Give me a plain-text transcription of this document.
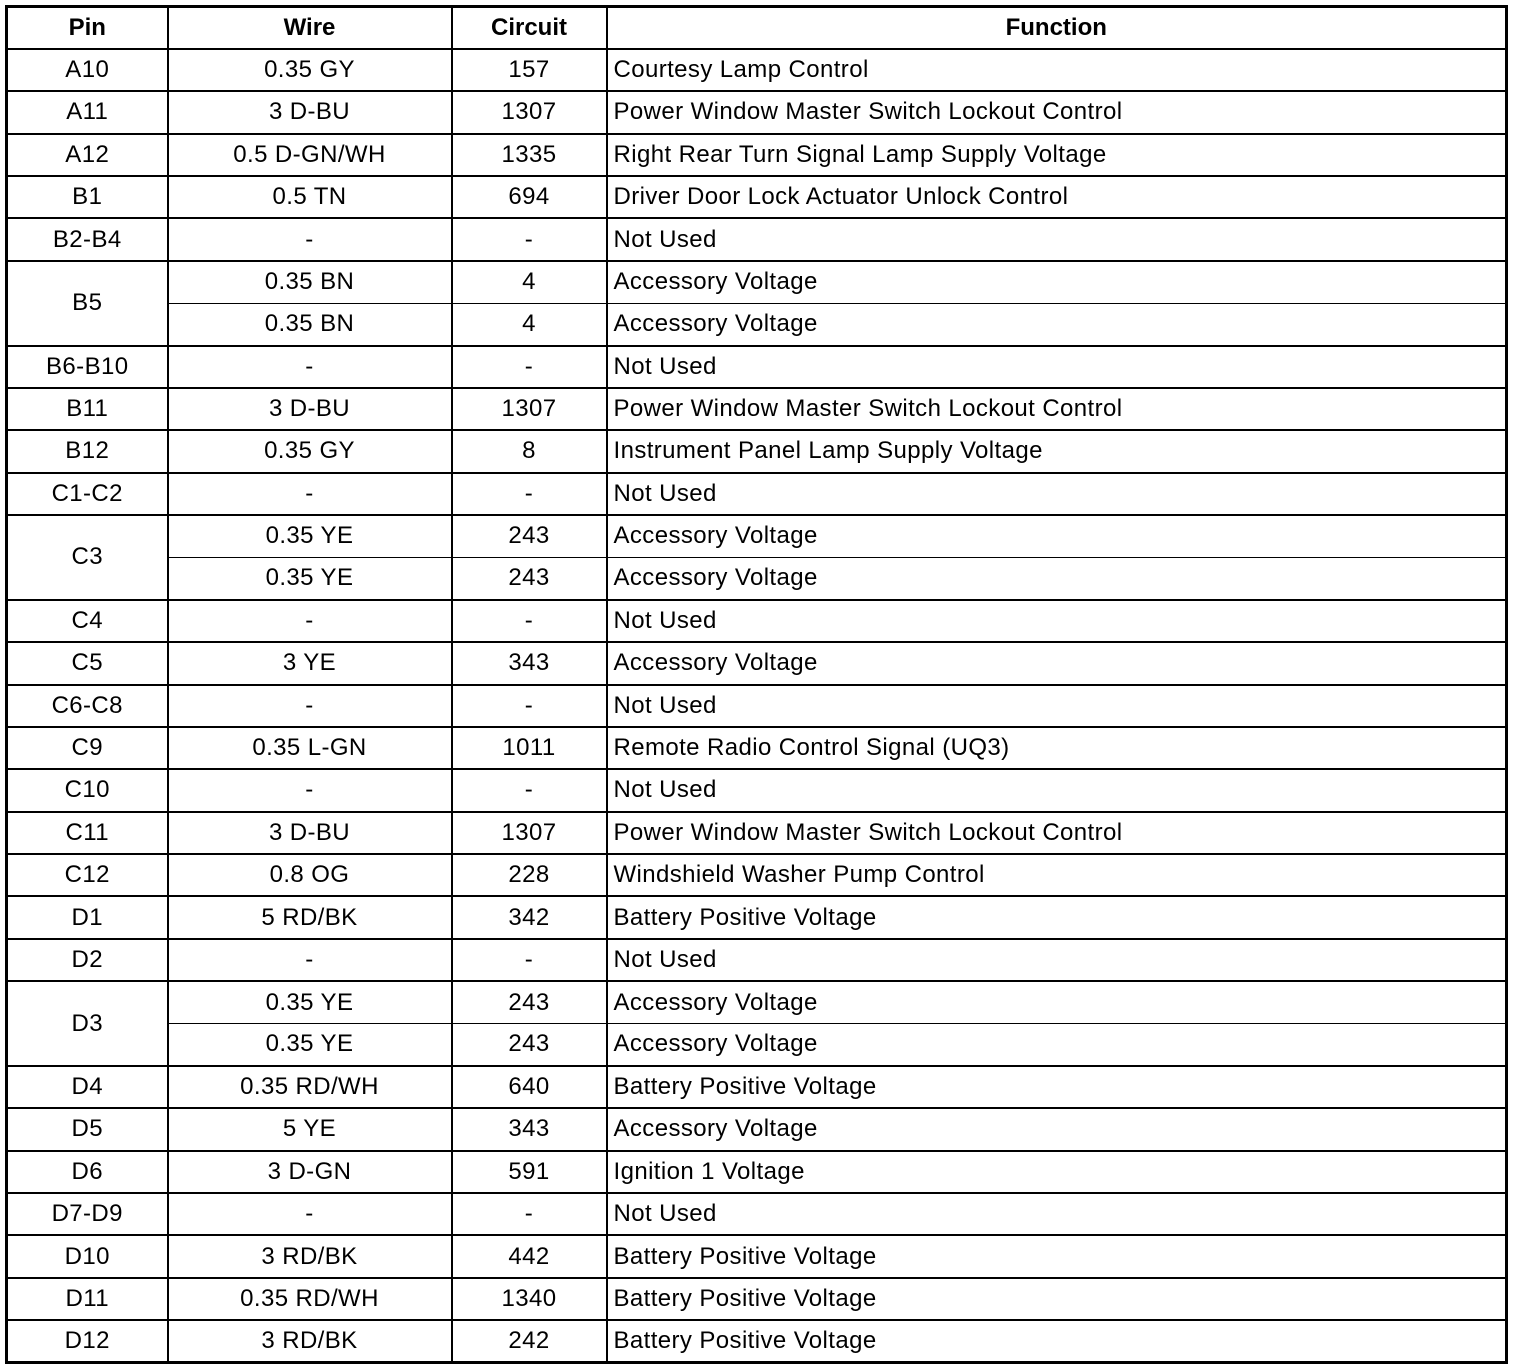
Pin	Wire	Circuit	Function
A10	0.35 GY	157	Courtesy Lamp Control
A11	3 D-BU	1307	Power Window Master Switch Lockout Control
A12	0.5 D-GN/WH	1335	Right Rear Turn Signal Lamp Supply Voltage
B1	0.5 TN	694	Driver Door Lock Actuator Unlock Control
B2-B4	-	-	Not Used
B5	0.35 BN	4	Accessory Voltage
	0.35 BN	4	Accessory Voltage
B6-B10	-	-	Not Used
B11	3 D-BU	1307	Power Window Master Switch Lockout Control
B12	0.35 GY	8	Instrument Panel Lamp Supply Voltage
C1-C2	-	-	Not Used
C3	0.35 YE	243	Accessory Voltage
	0.35 YE	243	Accessory Voltage
C4	-	-	Not Used
C5	3 YE	343	Accessory Voltage
C6-C8	-	-	Not Used
C9	0.35 L-GN	1011	Remote Radio Control Signal (UQ3)
C10	-	-	Not Used
C11	3 D-BU	1307	Power Window Master Switch Lockout Control
C12	0.8 OG	228	Windshield Washer Pump Control
D1	5 RD/BK	342	Battery Positive Voltage
D2	-	-	Not Used
D3	0.35 YE	243	Accessory Voltage
	0.35 YE	243	Accessory Voltage
D4	0.35 RD/WH	640	Battery Positive Voltage
D5	5 YE	343	Accessory Voltage
D6	3 D-GN	591	Ignition 1 Voltage
D7-D9	-	-	Not Used
D10	3 RD/BK	442	Battery Positive Voltage
D11	0.35 RD/WH	1340	Battery Positive Voltage
D12	3 RD/BK	242	Battery Positive Voltage
